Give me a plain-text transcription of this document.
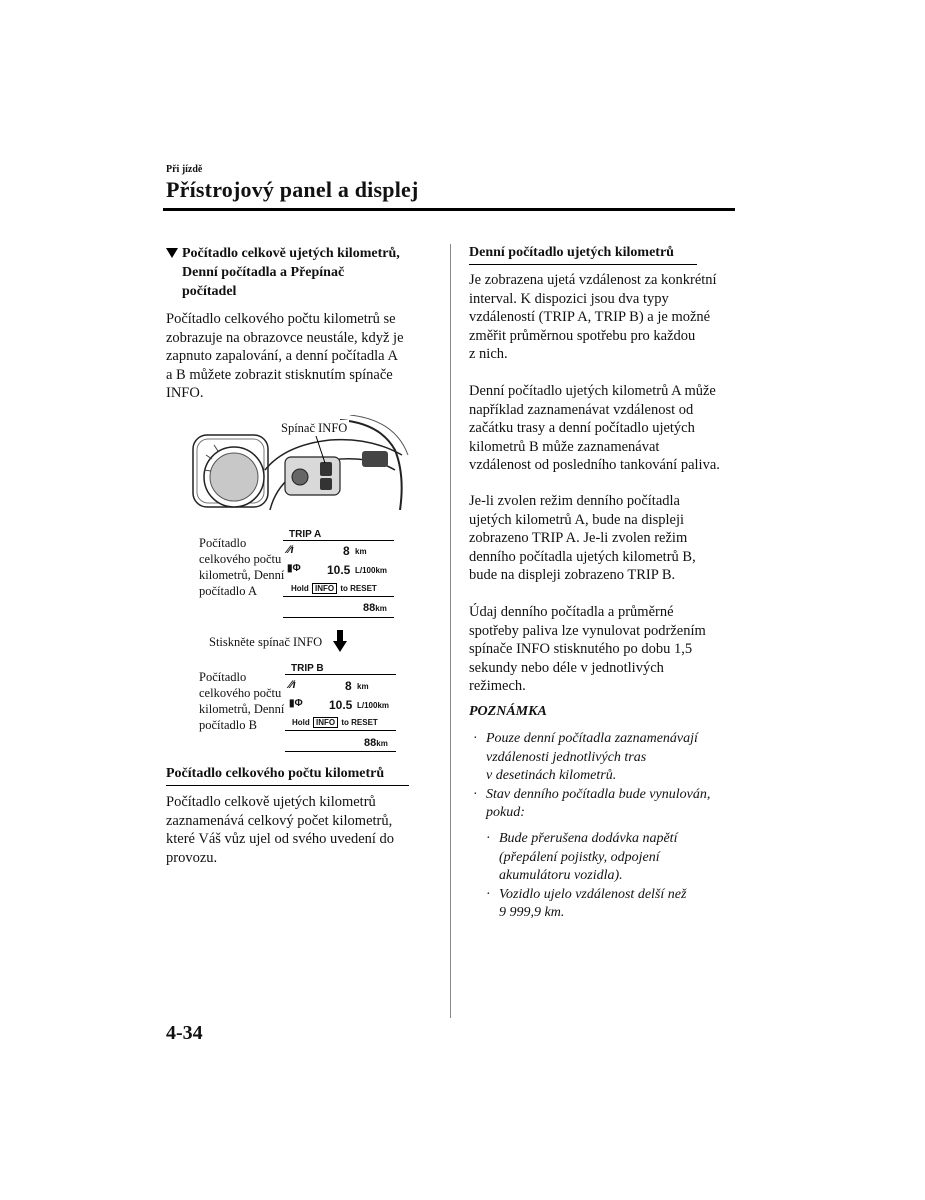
Při jízdě
Přístrojový panel a displej
Počítadlo celkově ujetých kilometrů,
Denní počítadla a Přepínač
počítadel
Počítadlo celkového počtu kilometrů se
zobrazuje na obrazovce neustále, když je
zapnuto zapalování, a denní počítadla A
a B můžete zobrazit stisknutím spínače
INFO.
Spínač INFO
Počítadlo
celkového počtu
kilometrů, Denní
počítadlo A
TRIP A
∕∕ı	8 km
▮Φ 10.5 L/100km
Hold INFO to RESET
88km
Stiskněte spínač INFO
Počítadlo
celkového počtu
kilometrů, Denní
počítadlo B
TRIP B
∕∕ı	8 km
▮Φ 10.5 L/100km
Hold INFO to RESET
88km
Počítadlo celkového počtu kilometrů
Počítadlo celkově ujetých kilometrů
zaznamenává celkový počet kilometrů,
které Váš vůz ujel od svého uvedení do
provozu.
Denní počítadlo ujetých kilometrů
Je zobrazena ujetá vzdálenost za konkrétní
interval. K dispozici jsou dva typy
vzdáleností (TRIP A, TRIP B) a je možné
změřit průměrnou spotřebu pro každou
z nich.
Denní počítadlo ujetých kilometrů A může
například zaznamenávat vzdálenost od
začátku trasy a denní počítadlo ujetých
kilometrů B může zaznamenávat
vzdálenost od posledního tankování paliva.
Je-li zvolen režim denního počítadla
ujetých kilometrů A, bude na displeji
zobrazeno TRIP A. Je-li zvolen režim
denního počítadla ujetých kilometrů B,
bude na displeji zobrazeno TRIP B.
Údaj denního počítadla a průměrné
spotřeby paliva lze vynulovat podržením
spínače INFO stisknutého po dobu 1,5
sekundy nebo déle v jednotlivých
režimech.
POZNÁMKA
· Pouze denní počítadla zaznamenávají
vzdálenosti jednotlivých tras
v desetinách kilometrů.
· Stav denního počítadla bude vynulován,
pokud:
· Bude přerušena dodávka napětí
(přepálení pojistky, odpojení
akumulátoru vozidla).
· Vozidlo ujelo vzdálenost delší než
9 999,9 km.
4-34
